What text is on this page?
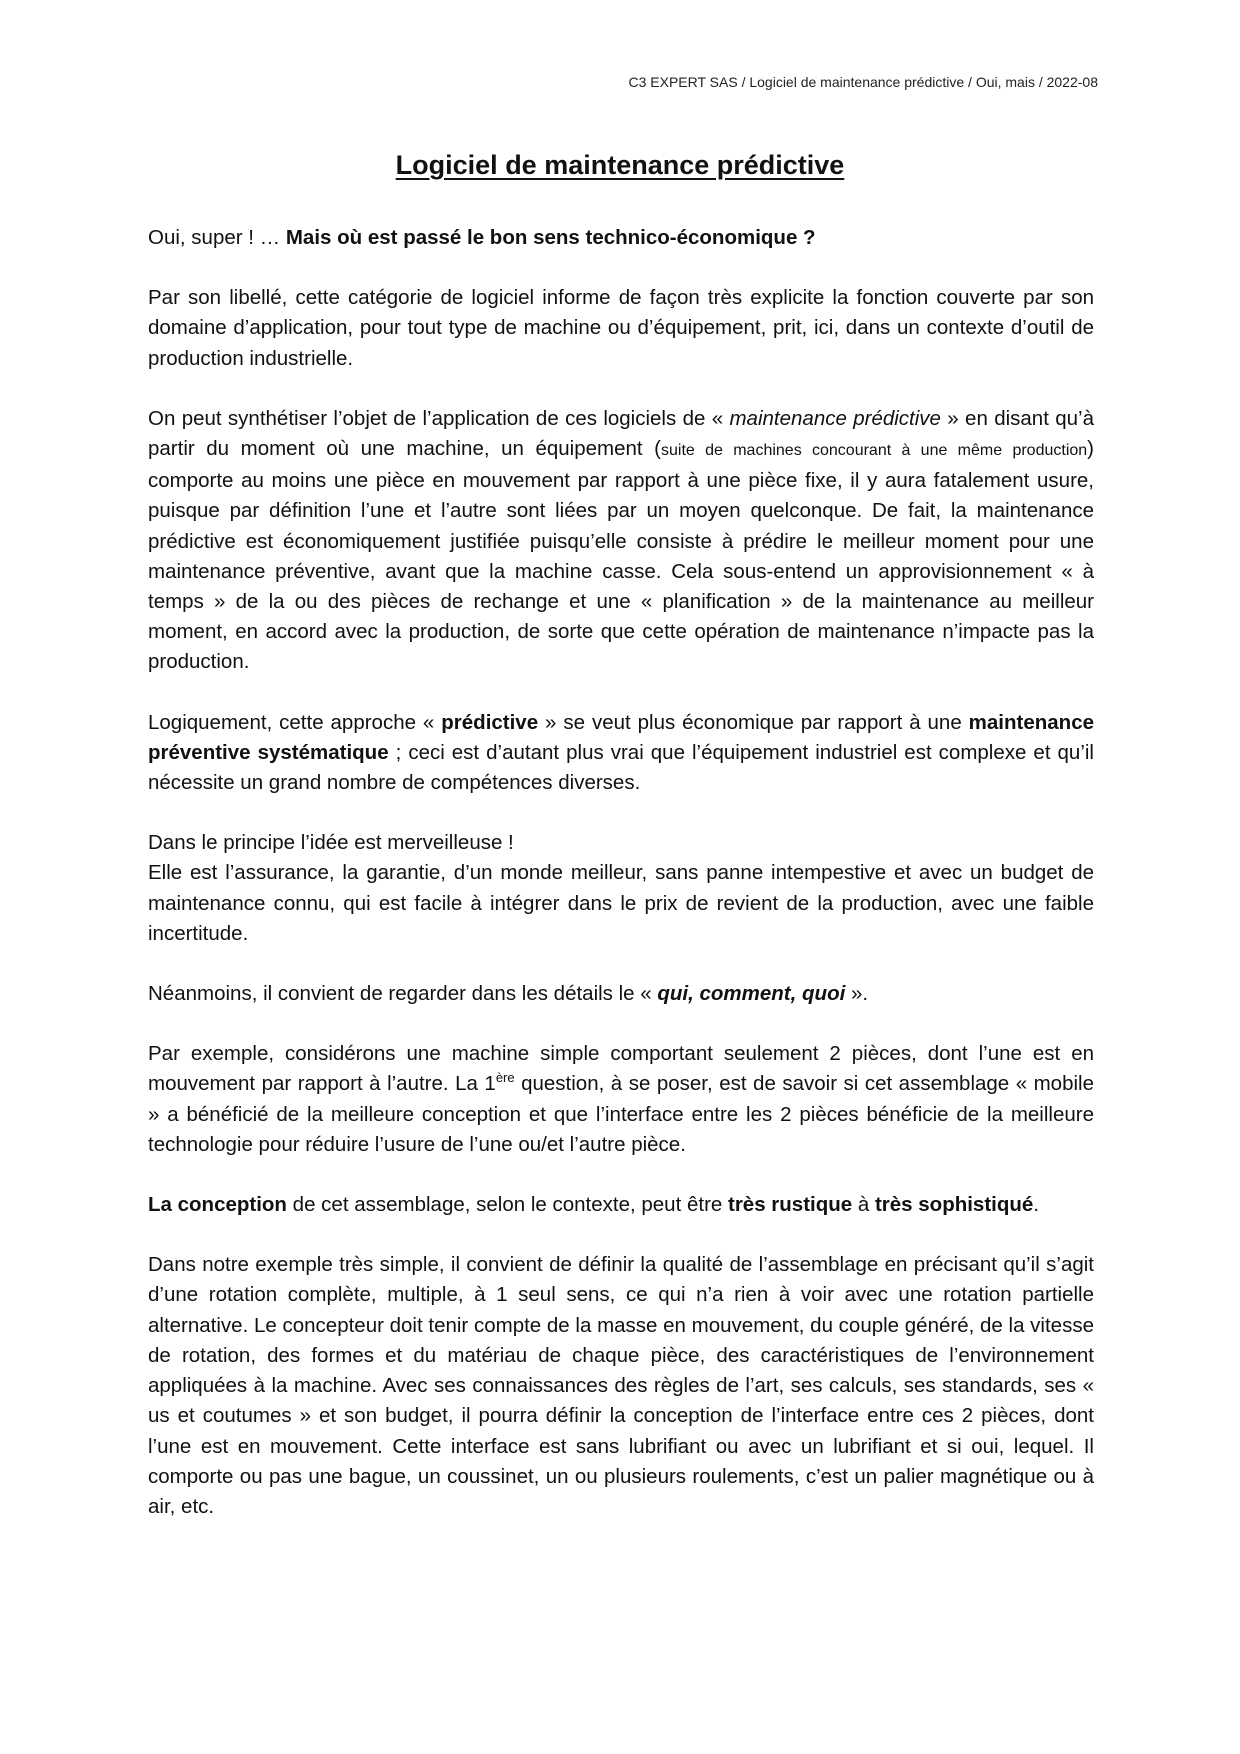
C3 EXPERT SAS / Logiciel de maintenance prédictive / Oui, mais / 2022-08
Logiciel de maintenance prédictive

Oui, super ! … Mais où est passé le bon sens technico-économique ?

Par son libellé, cette catégorie de logiciel informe de façon très explicite la fonction couverte par son domaine d’application, pour tout type de machine ou d’équipement, prit, ici, dans un contexte d’outil de production industrielle.

On peut synthétiser l’objet de l’application de ces logiciels de « maintenance prédictive » en disant qu’à partir du moment où une machine, un équipement (suite de machines concourant à une même production) comporte au moins une pièce en mouvement par rapport à une pièce fixe, il y aura fatalement usure, puisque par définition l’une et l’autre sont liées par un moyen quelconque. De fait, la maintenance prédictive est économiquement justifiée puisqu’elle consiste à prédire le meilleur moment pour une maintenance préventive, avant que la machine casse. Cela sous-entend un approvisionnement « à temps » de la ou des pièces de rechange et une « planification » de la maintenance au meilleur moment, en accord avec la production, de sorte que cette opération de maintenance n’impacte pas la production.

Logiquement, cette approche « prédictive » se veut plus économique par rapport à une maintenance préventive systématique ; ceci est d’autant plus vrai que l’équipement industriel est complexe et qu’il nécessite un grand nombre de compétences diverses.

Dans le principe l’idée est merveilleuse !

Elle est l’assurance, la garantie, d’un monde meilleur, sans panne intempestive et avec un budget de maintenance connu, qui est facile à intégrer dans le prix de revient de la production, avec une faible incertitude.

Néanmoins, il convient de regarder dans les détails le « qui, comment, quoi ».

Par exemple, considérons une machine simple comportant seulement 2 pièces, dont l’une est en mouvement par rapport à l’autre. La 1ère question, à se poser, est de savoir si cet assemblage « mobile » a bénéficié de la meilleure conception et que l’interface entre les 2 pièces bénéficie de la meilleure technologie pour réduire l’usure de l’une ou/et l’autre pièce.

La conception de cet assemblage, selon le contexte, peut être très rustique à très sophistiqué.

Dans notre exemple très simple, il convient de définir la qualité de l’assemblage en précisant qu’il s’agit d’une rotation complète, multiple, à 1 seul sens, ce qui n’a rien à voir avec une rotation partielle alternative. Le concepteur doit tenir compte de la masse en mouvement, du couple généré, de la vitesse de rotation, des formes et du matériau de chaque pièce, des caractéristiques de l’environnement appliquées à la machine. Avec ses connaissances des règles de l’art, ses calculs, ses standards, ses « us et coutumes » et son budget, il pourra définir la conception de l’interface entre ces 2 pièces, dont l’une est en mouvement. Cette interface est sans lubrifiant ou avec un lubrifiant et si oui, lequel. Il comporte ou pas une bague, un coussinet, un ou plusieurs roulements, c’est un palier magnétique ou à air, etc.
